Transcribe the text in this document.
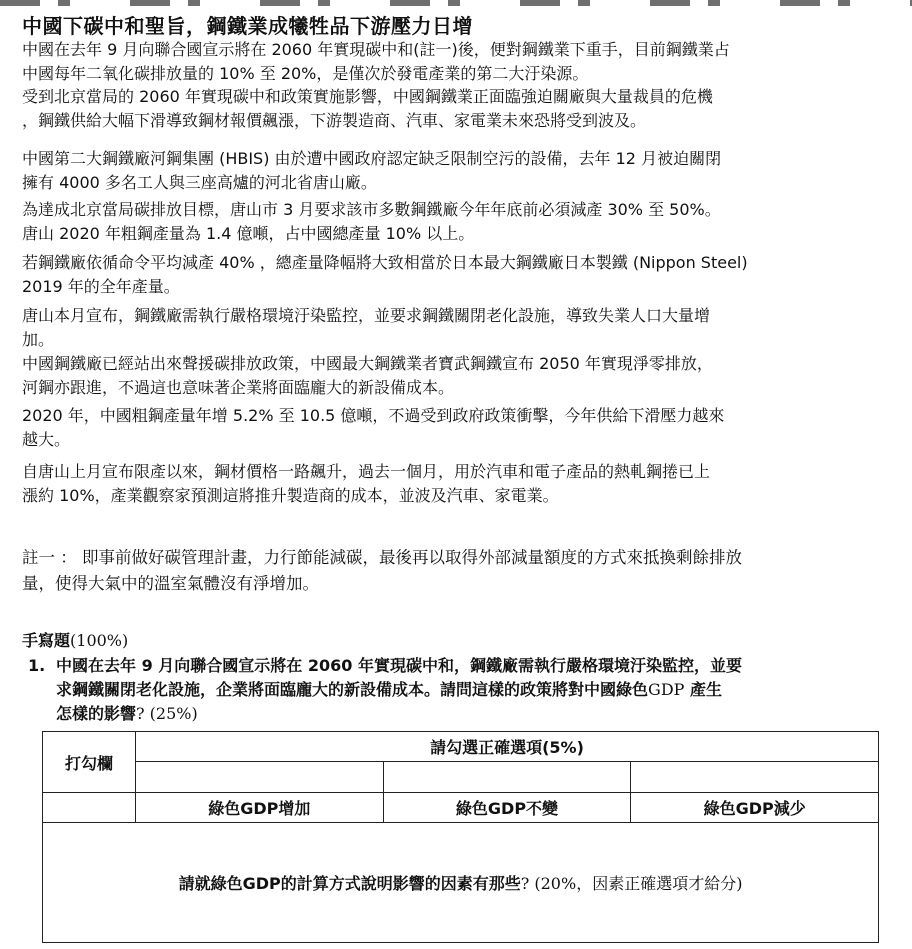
中國下碳中和聖旨，鋼鐵業成犧牲品下游壓力日增

中國在去年 9 月向聯合國宣示將在 2060 年實現碳中和(註一)後，便對鋼鐵業下重手，目前鋼鐵業占
中國每年二氧化碳排放量的 10% 至 20%，是僅次於發電產業的第二大汙染源。

受到北京當局的 2060 年實現碳中和政策實施影響，中國鋼鐵業正面臨強迫關廠與大量裁員的危機
，鋼鐵供給大幅下滑導致鋼材報價飆漲，下游製造商、汽車、家電業未來恐將受到波及。

中國第二大鋼鐵廠河鋼集團 (HBIS) 由於遭中國政府認定缺乏限制空污的設備，去年 12 月被迫關閉
擁有 4000 多名工人與三座高爐的河北省唐山廠。

為達成北京當局碳排放目標，唐山市 3 月要求該市多數鋼鐵廠今年年底前必須減產 30% 至 50%。

唐山 2020 年粗鋼產量為 1.4 億噸，占中國總產量 10% 以上。

若鋼鐵廠依循命令平均減產 40% ，總產量降幅將大致相當於日本最大鋼鐵廠日本製鐵 (Nippon Steel)
2019 年的全年產量。

唐山本月宣布，鋼鐵廠需執行嚴格環境汙染監控，並要求鋼鐵關閉老化設施，導致失業人口大量增
加。

中國鋼鐵廠已經站出來聲援碳排放政策，中國最大鋼鐵業者寶武鋼鐵宣布 2050 年實現淨零排放，
河鋼亦跟進，不過這也意味著企業將面臨龐大的新設備成本。

2020 年，中國粗鋼產量年增 5.2% 至 10.5 億噸，不過受到政府政策衝擊，今年供給下滑壓力越來
越大。

自唐山上月宣布限產以來，鋼材價格一路飆升，過去一個月，用於汽車和電子產品的熱軋鋼捲已上
漲約 10%，產業觀察家預測這將推升製造商的成本，並波及汽車、家電業。

註一 ： 即事前做好碳管理計畫，力行節能減碳，最後再以取得外部減量額度的方式來抵換剩餘排放
量，使得大氣中的溫室氣體沒有淨增加。

手寫題(100%)
1. 中國在去年 9 月向聯合國宣示將在 2060 年實現碳中和，鋼鐵廠需執行嚴格環境汙染監控，並要
求鋼鐵關閉老化設施，企業將面臨龐大的新設備成本。請問這樣的政策將對中國綠色GDP 產生
怎樣的影響? (25%)

打勾欄	請勾選正確選項(5%)		

	綠色GDP增加	綠色GDP不變	綠色GDP減少
請就綠色GDP的計算方式說明影響的因素有那些? (20%，因素正確選項才給分)			
